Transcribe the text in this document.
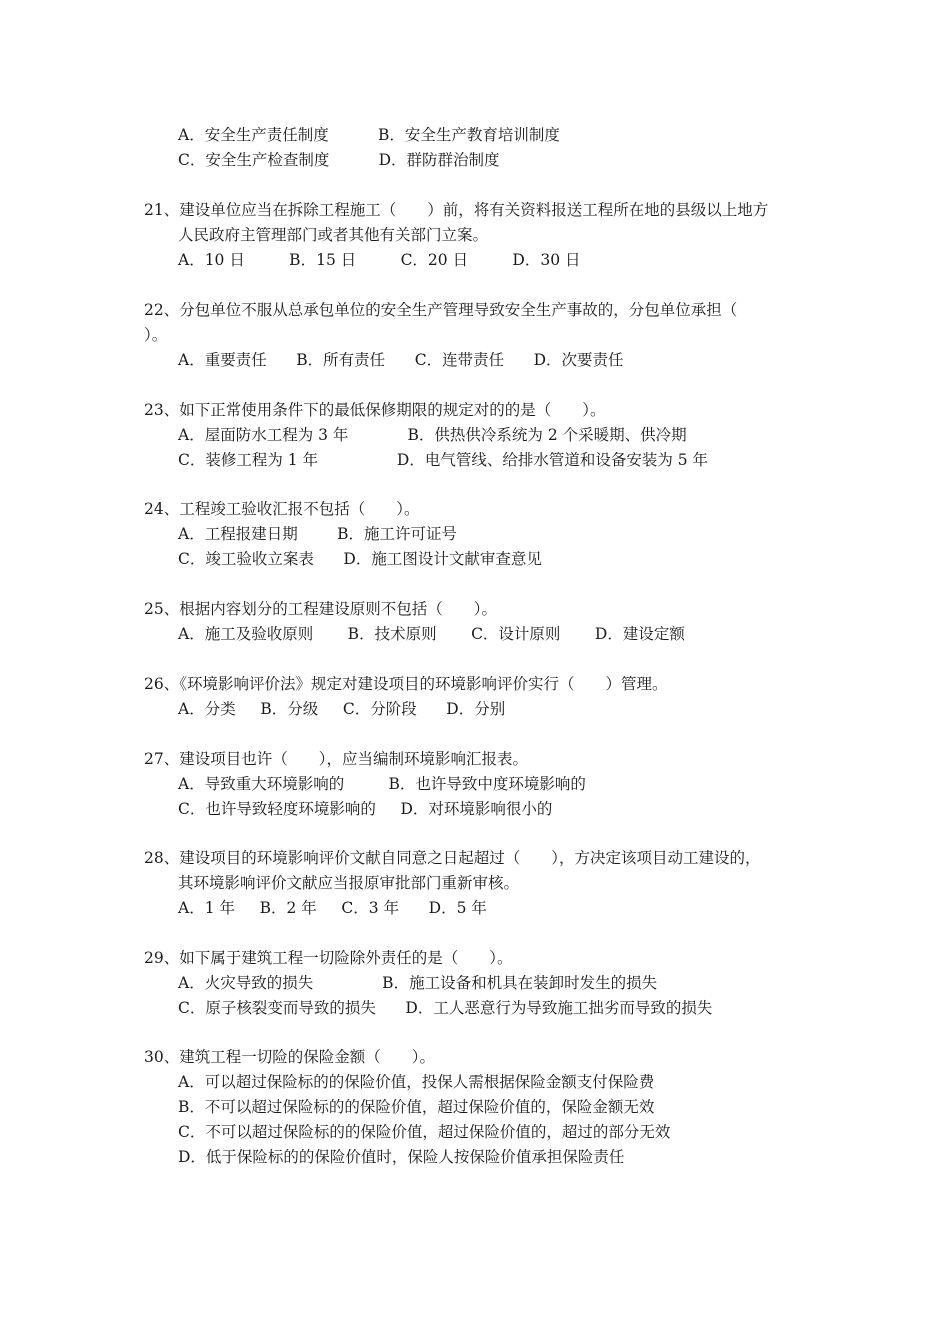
A．安全生产责任制度          B．安全生产教育培训制度
C．安全生产检查制度          D．群防群治制度
21、建设单位应当在拆除工程施工（　　）前，将有关资料报送工程所在地的县级以上地方
人民政府主管理部门或者其他有关部门立案。
A．10 日         B．15 日         C．20 日         D．30 日
22、分包单位不服从总承包单位的安全生产管理导致安全生产事故的，分包单位承担（
）。
A．重要责任      B．所有责任      C．连带责任      D．次要责任
23、如下正常使用条件下的最低保修期限的规定对的的是（　　）。
A．屋面防水工程为 3 年            B．供热供冷系统为 2 个采暖期、供冷期
C．装修工程为 1 年                D．电气管线、给排水管道和设备安装为 5 年
24、工程竣工验收汇报不包括（　　）。
A．工程报建日期        B．施工许可证号
C．竣工验收立案表      D．施工图设计文献审查意见
25、根据内容划分的工程建设原则不包括（　　）。
A．施工及验收原则       B．技术原则       C．设计原则       D．建设定额
26、《环境影响评价法》规定对建设项目的环境影响评价实行（　　）管理。
A．分类     B．分级     C．分阶段      D．分别
27、建设项目也许（　　），应当编制环境影响汇报表。
A．导致重大环境影响的         B．也许导致中度环境影响的
C．也许导致轻度环境影响的     D．对环境影响很小的
28、建设项目的环境影响评价文献自同意之日起超过（　　），方决定该项目动工建设的，
其环境影响评价文献应当报原审批部门重新审核。
A．1 年     B．2 年     C．3 年      D．5 年
29、如下属于建筑工程一切险除外责任的是（　　）。
A．火灾导致的损失              B．施工设备和机具在装卸时发生的损失
C．原子核裂变而导致的损失      D．工人恶意行为导致施工拙劣而导致的损失
30、建筑工程一切险的保险金额（　　）。
A．可以超过保险标的的保险价值，投保人需根据保险金额支付保险费
B．不可以超过保险标的的保险价值，超过保险价值的，保险金额无效
C．不可以超过保险标的的保险价值，超过保险价值的，超过的部分无效
D．低于保险标的的保险价值时，保险人按保险价值承担保险责任
